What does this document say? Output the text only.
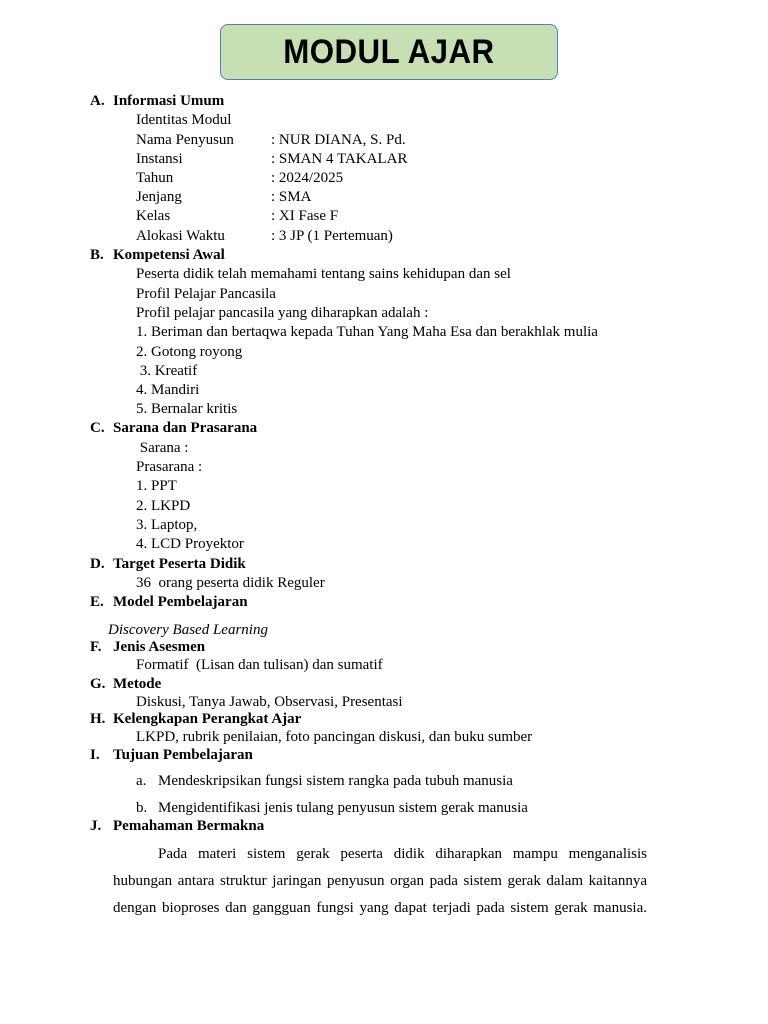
MODUL AJAR
A. Informasi Umum
Identitas Modul
Nama Penyusun : NUR DIANA, S. Pd.
Instansi	: SMAN 4 TAKALAR
Tahun	: 2024/2025
Jenjang	: SMA
Kelas	: XI Fase F
Alokasi Waktu	: 3 JP (1 Pertemuan)
B. Kompetensi Awal
Peserta didik telah memahami tentang sains kehidupan dan sel
Profil Pelajar Pancasila
Profil pelajar pancasila yang diharapkan adalah :
1. Beriman dan bertaqwa kepada Tuhan Yang Maha Esa dan berakhlak mulia
2. Gotong royong
3. Kreatif
4. Mandiri
5. Bernalar kritis
C. Sarana dan Prasarana
Sarana :
Prasarana :
1. PPT
2. LKPD
3. Laptop,
4. LCD Proyektor
D. Target Peserta Didik
36  orang peserta didik Reguler
E. Model Pembelajaran
Discovery Based Learning
F. Jenis Asesmen
Formatif  (Lisan dan tulisan) dan sumatif
G. Metode
Diskusi, Tanya Jawab, Observasi, Presentasi
H. Kelengkapan Perangkat Ajar
LKPD, rubrik penilaian, foto pancingan diskusi, dan buku sumber
I. Tujuan Pembelajaran
a. Mendeskripsikan fungsi sistem rangka pada tubuh manusia
b. Mengidentifikasi jenis tulang penyusun sistem gerak manusia
J. Pemahaman Bermakna
Pada materi sistem gerak peserta didik diharapkan mampu menganalisis
hubungan antara struktur jaringan penyusun organ pada sistem gerak dalam kaitannya
dengan bioproses dan gangguan fungsi yang dapat terjadi pada sistem gerak manusia.
